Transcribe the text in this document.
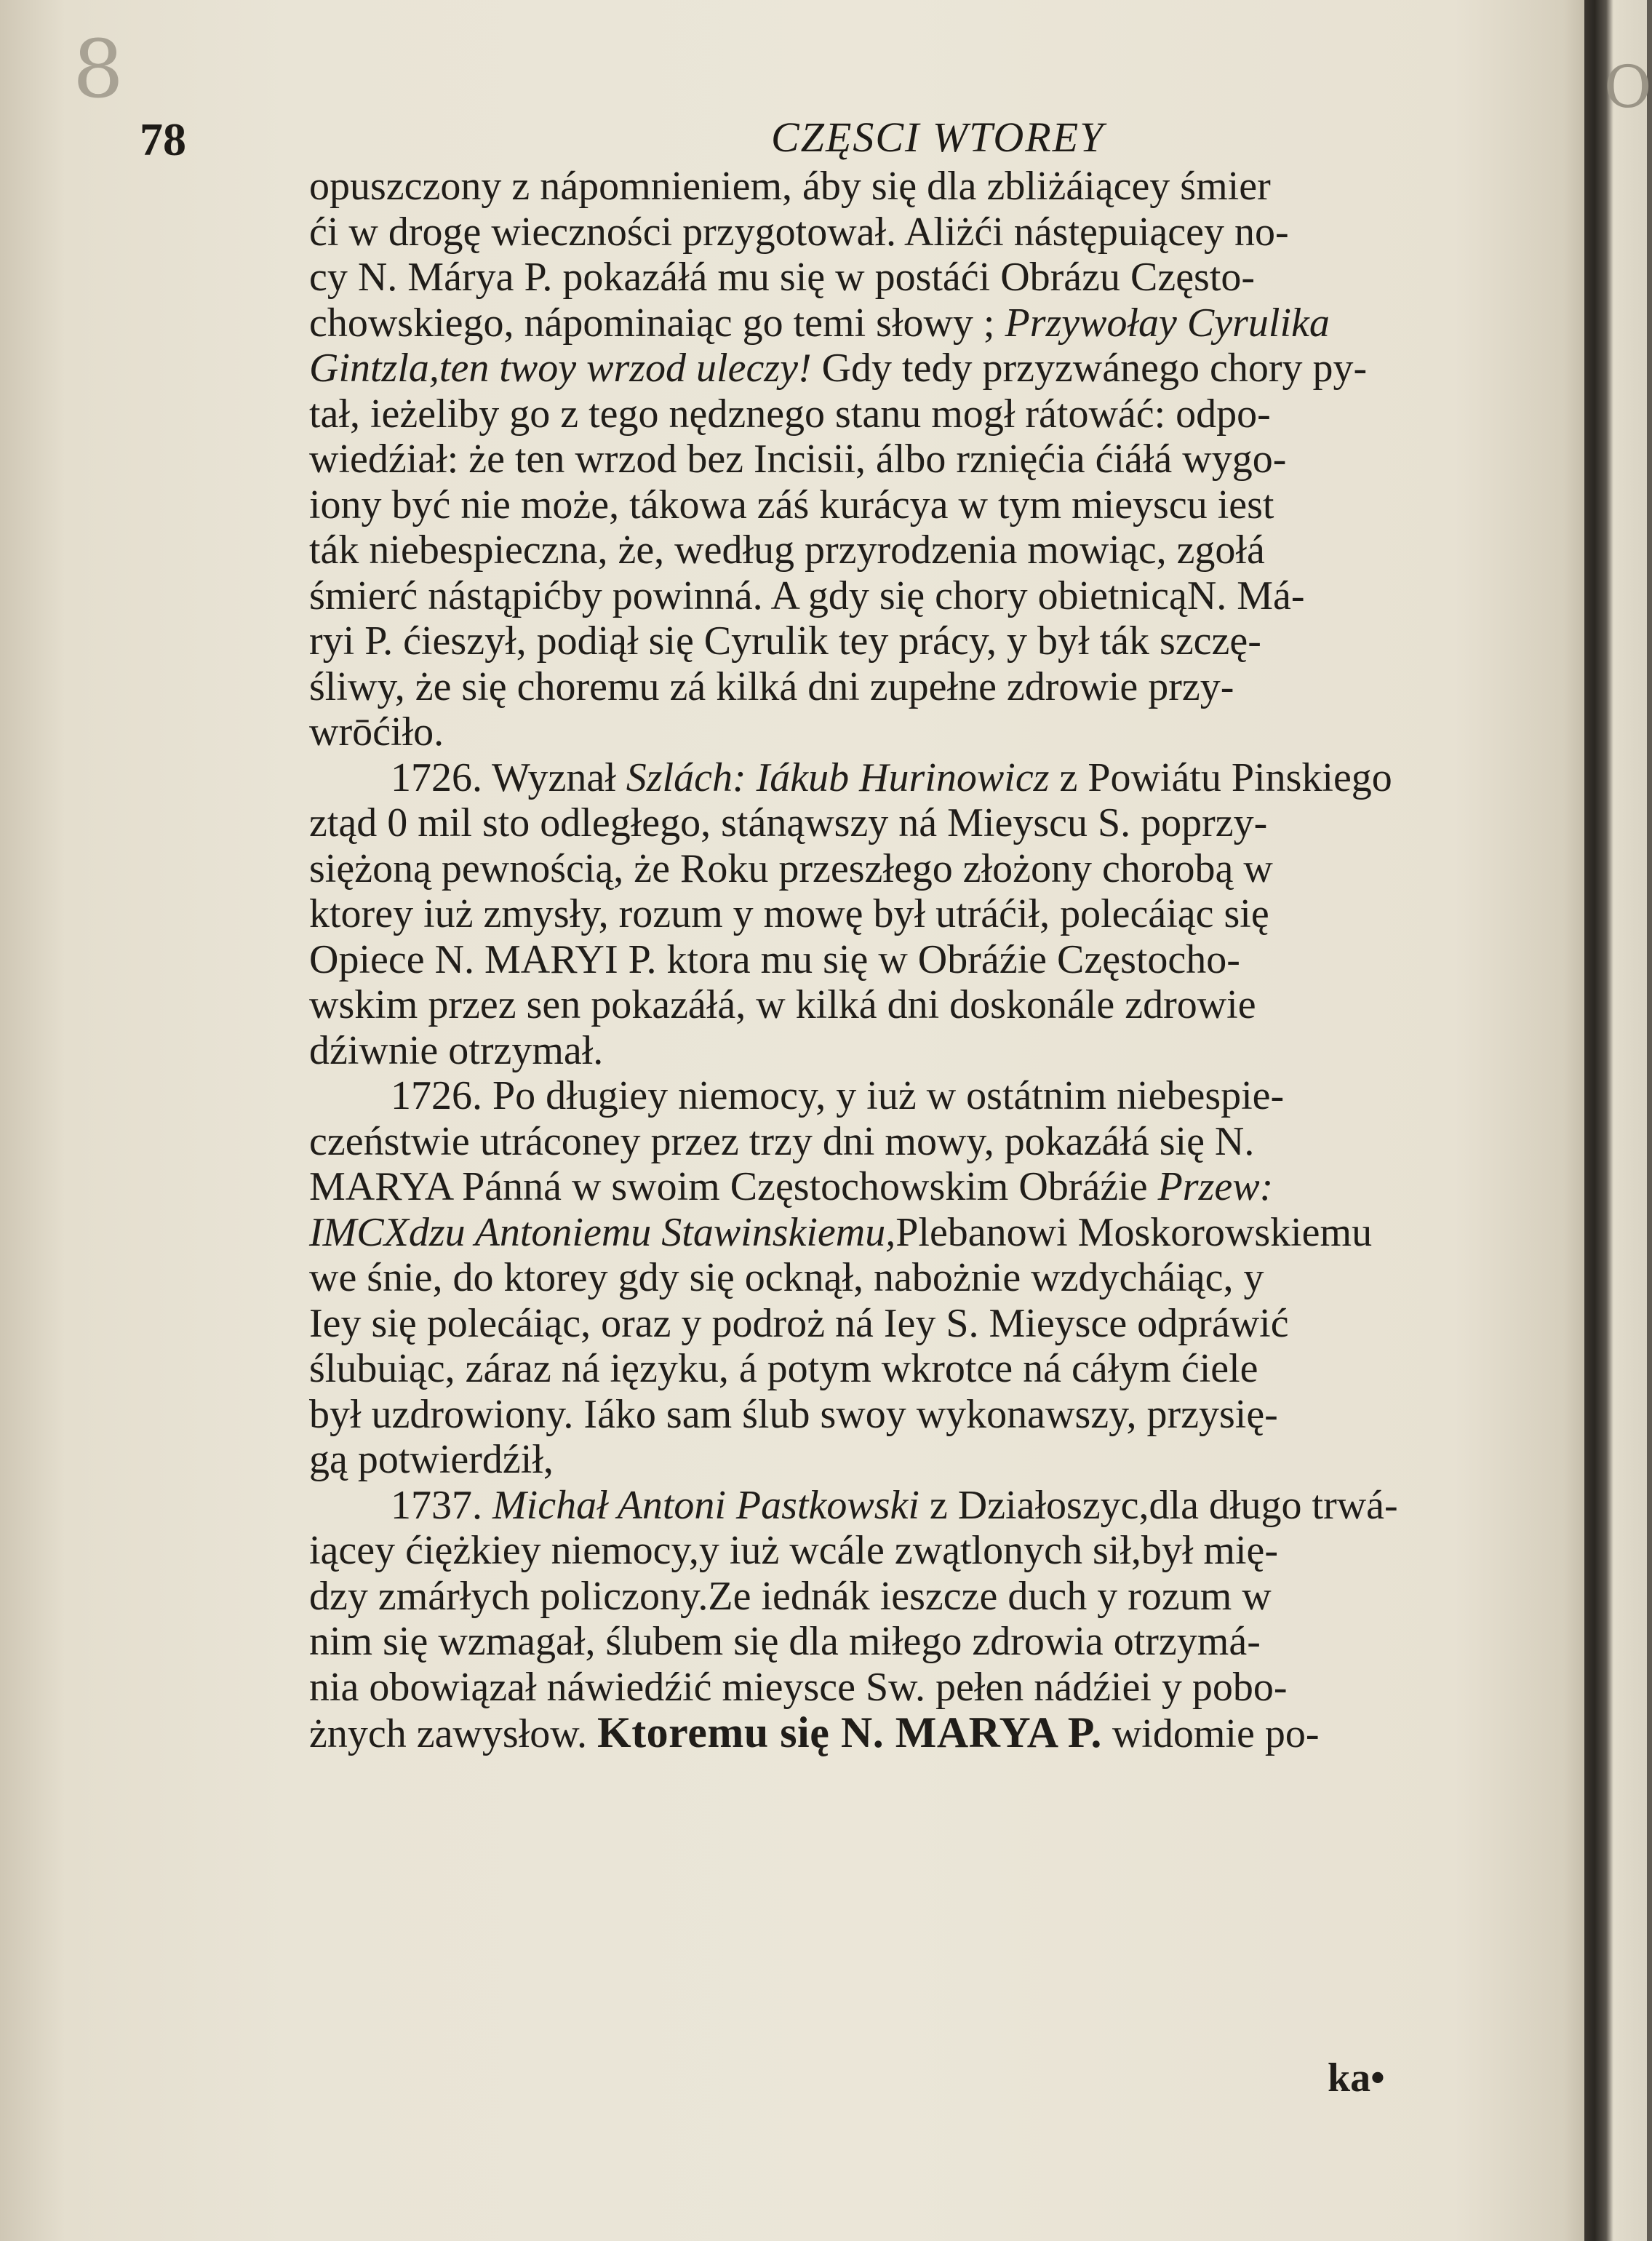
8	O
78	CZĘSCI WTOREY
opuszczony z nápomnieniem, áby się dla zbliżáiącey śmier
ći w drogę wieczności przygotował. Aliżći nástępuiącey no-
cy N. Márya P. pokazáłá mu się w postáći Obrázu Często-
chowskiego, nápominaiąc go temi słowy ; Przywołay Cyrulika
Gintzla,ten twoy wrzod uleczy! Gdy tedy przyzwánego chory py-
tał, ieżeliby go z tego nędznego stanu mogł rátowáć: odpo-
wiedźiał: że ten wrzod bez Incisii, álbo rznięćia ćiáłá wygo-
iony być nie może, tákowa záś kurácya w tym mieyscu iest
ták niebespieczna, że, według przyrodzenia mowiąc, zgołá
śmierć nástąpićby powinná. A gdy się chory obietnicąN. Má-
ryi P. ćieszył, podiął się Cyrulik tey prácy, y był ták szczę-
śliwy, że się choremu zá kilká dni zupełne zdrowie przy-
wrōćiło.
  1726. Wyznał Szlách: Iákub Hurinowicz z Powiátu Pinskiego
ztąd 0 mil sto odległego, stánąwszy ná Mieyscu S. poprzy-
siężoną pewnością, że Roku przeszłego złożony chorobą w
ktorey iuż zmysły, rozum y mowę był utráćił, polecáiąc się
Opiece N. MARYI P. ktora mu się w Obráźie Częstocho-
wskim przez sen pokazáłá, w kilká dni doskonále zdrowie
dźiwnie otrzymał.
  1726. Po długiey niemocy, y iuż w ostátnim niebespie-
czeństwie utráconey przez trzy dni mowy, pokazáłá się N.
MARYA Pánná w swoim Częstochowskim Obráźie Przew:
IMCXdzu Antoniemu Stawinskiemu,Plebanowi Moskorowskiemu
we śnie, do ktorey gdy się ocknął, nabożnie wzdycháiąc, y
Iey się polecáiąc, oraz y podroż ná Iey S. Mieysce odpráwić
ślubuiąc, záraz ná ięzyku, á potym wkrotce ná cáłym ćiele
był uzdrowiony. Iáko sam ślub swoy wykonawszy, przysię-
gą potwierdźił,
  1737. Michał Antoni Pastkowski z Działoszyc,dla długo trwá-
iącey ćiężkiey niemocy,y iuż wcále zwątlonych sił,był mię-
dzy zmárłych policzony.Ze iednák ieszcze duch y rozum w
nim się wzmagał, ślubem się dla miłego zdrowia otrzymá-
nia obowiązał náwiedźić mieysce Sw. pełen nádźiei y pobo-
żnych zawysłow. Ktoremu się N. MARYA P. widomie po-
ka•
